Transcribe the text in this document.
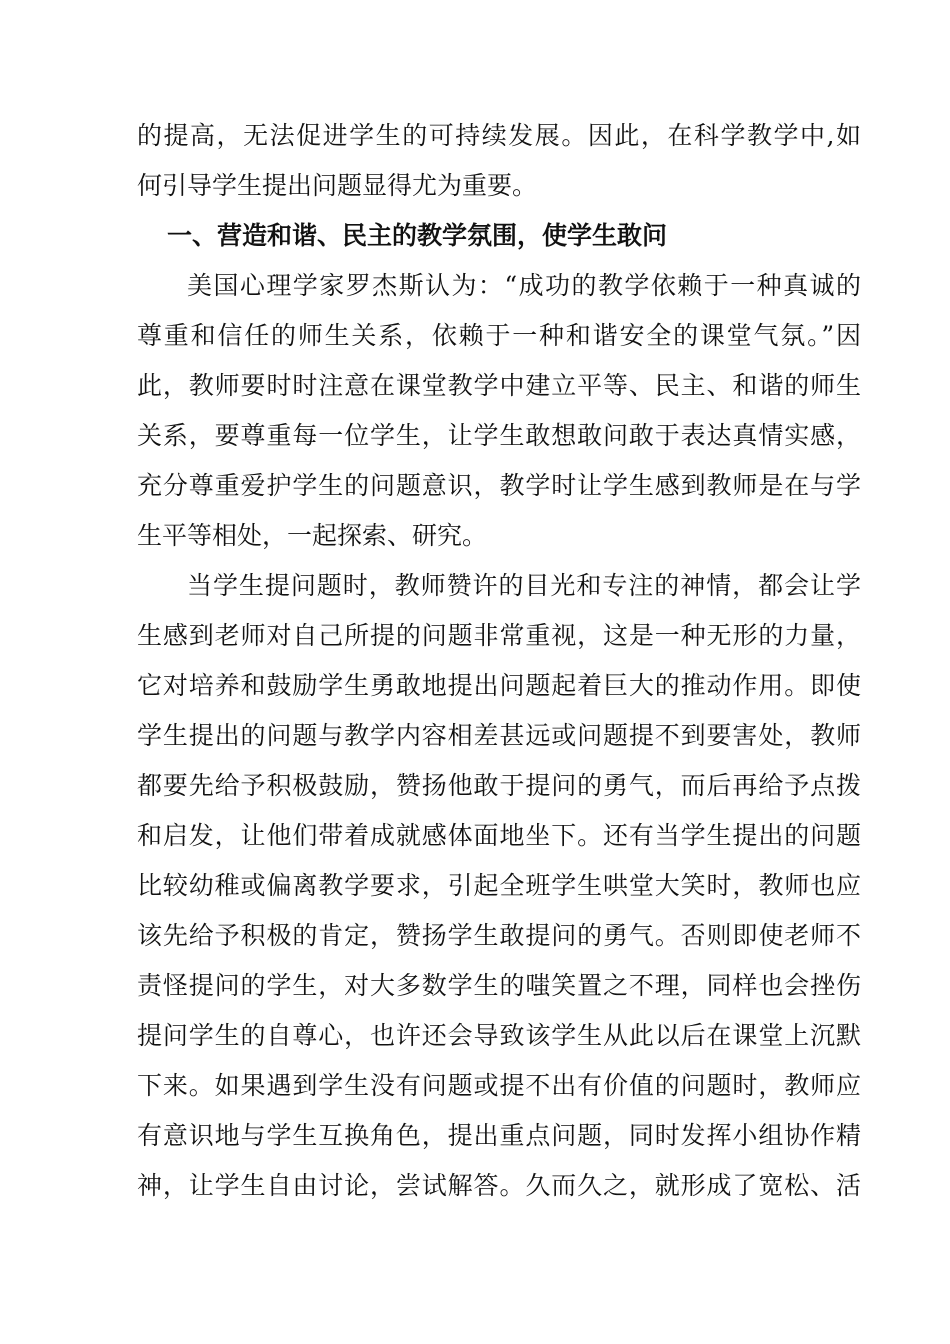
的提高，无法促进学生的可持续发展。因此，在科学教学中,如
何引导学生提出问题显得尤为重要。
一、营造和谐、民主的教学氛围，使学生敢问
美国心理学家罗杰斯认为：“成功的教学依赖于一种真诚的
尊重和信任的师生关系，依赖于一种和谐安全的课堂气氛。”因
此，教师要时时注意在课堂教学中建立平等、民主、和谐的师生
关系，要尊重每一位学生，让学生敢想敢问敢于表达真情实感，
充分尊重爱护学生的问题意识，教学时让学生感到教师是在与学
生平等相处，一起探索、研究。
当学生提问题时，教师赞许的目光和专注的神情，都会让学
生感到老师对自己所提的问题非常重视，这是一种无形的力量，
它对培养和鼓励学生勇敢地提出问题起着巨大的推动作用。即使
学生提出的问题与教学内容相差甚远或问题提不到要害处，教师
都要先给予积极鼓励，赞扬他敢于提问的勇气，而后再给予点拨
和启发，让他们带着成就感体面地坐下。还有当学生提出的问题
比较幼稚或偏离教学要求，引起全班学生哄堂大笑时，教师也应
该先给予积极的肯定，赞扬学生敢提问的勇气。否则即使老师不
责怪提问的学生，对大多数学生的嗤笑置之不理，同样也会挫伤
提问学生的自尊心，也许还会导致该学生从此以后在课堂上沉默
下来。如果遇到学生没有问题或提不出有价值的问题时，教师应
有意识地与学生互换角色，提出重点问题，同时发挥小组协作精
神，让学生自由讨论，尝试解答。久而久之，就形成了宽松、活
